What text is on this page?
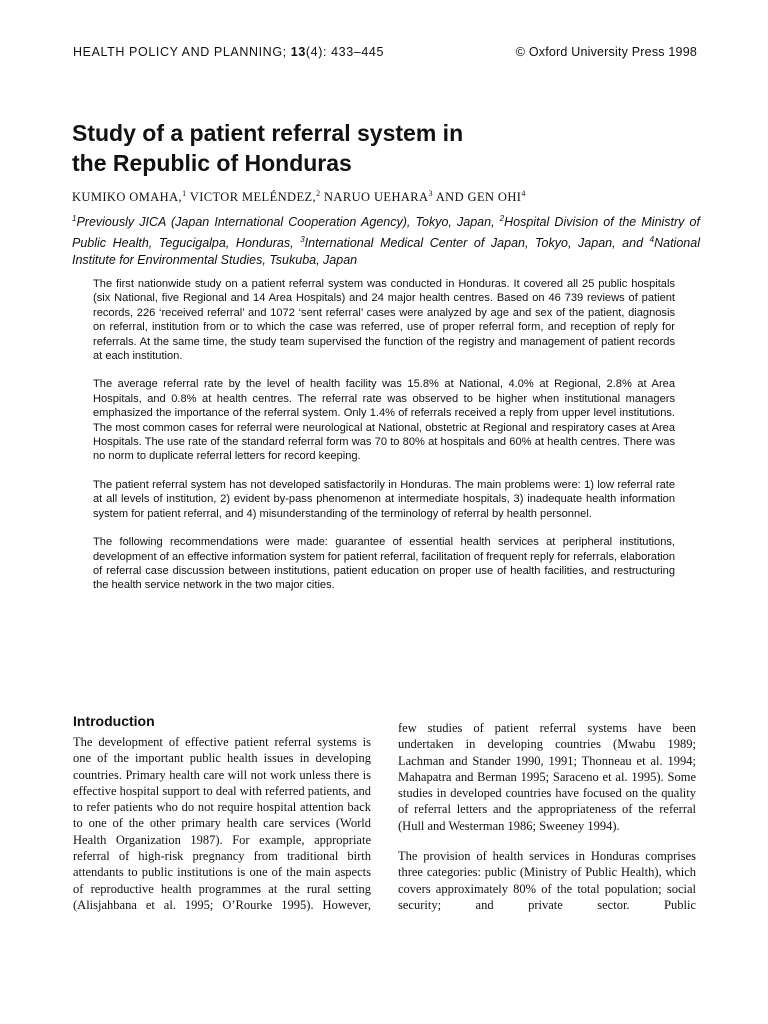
HEALTH POLICY AND PLANNING; 13(4): 433–445	© Oxford University Press 1998
Study of a patient referral system in
the Republic of Honduras
KUMIKO OMAHA,$^1$ VICTOR MELÉNDEZ,$^2$ NARUO UEHARA$^3$ AND GEN OHI$^4$
$^1$Previously JICA (Japan International Cooperation Agency), Tokyo, Japan, $^2$Hospital Division of the Ministry of Public Health, Tegucigalpa, Honduras, $^3$International Medical Center of Japan, Tokyo, Japan, and $^4$National Institute for Environmental Studies, Tsukuba, Japan

The first nationwide study on a patient referral system was conducted in Honduras. It covered all 25 public hospitals (six National, five Regional and 14 Area Hospitals) and 24 major health centres. Based on 46 739 reviews of patient records, 226 ‘received referral’ and 1072 ‘sent referral’ cases were analyzed by age and sex of the patient, diagnosis on referral, institution from or to which the case was referred, use of proper referral form, and reception of reply for referrals. At the same time, the study team supervised the function of the registry and management of patient records at each institution.

The average referral rate by the level of health facility was 15.8% at National, 4.0% at Regional, 2.8% at Area Hospitals, and 0.8% at health centres. The referral rate was observed to be higher when institutional managers emphasized the importance of the referral system. Only 1.4% of referrals received a reply from upper level institutions. The most common cases for referral were neurological at National, obstetric at Regional and respiratory cases at Area Hospitals. The use rate of the standard referral form was 70 to 80% at hospitals and 60% at health centres. There was no norm to duplicate referral letters for record keeping.

The patient referral system has not developed satisfactorily in Honduras. The main problems were: 1) low referral rate at all levels of institution, 2) evident by-pass phenomenon at intermediate hospitals, 3) inadequate health information system for patient referral, and 4) misunderstanding of the terminology of referral by health personnel.

The following recommendations were made: guarantee of essential health services at peripheral institutions, development of an effective information system for patient referral, facilitation of frequent reply for referrals, elaboration of referral case discussion between institutions, patient education on proper use of health facilities, and restructuring the health service network in the two major cities.

Introduction

The development of effective patient referral systems is one of the important public health issues in developing countries. Primary health care will not work unless there is effective hospital support to deal with referred patients, and to refer patients who do not require hospital attention back to one of the other primary health care services (World Health Organization 1987). For example, appropriate referral of high-risk pregnancy from traditional birth attendants to public institutions is one of the main aspects of reproductive health programmes at the rural setting (Alisjahbana et al. 1995; O’Rourke 1995). However,

few studies of patient referral systems have been undertaken in developing countries (Mwabu 1989; Lachman and Stander 1990, 1991; Thonneau et al. 1994; Mahapatra and Berman 1995; Saraceno et al. 1995). Some studies in developed countries have focused on the quality of referral letters and the appropriateness of the referral (Hull and Westerman 1986; Sweeney 1994).

The provision of health services in Honduras comprises three categories: public (Ministry of Public Health), which covers approximately 80% of the total population; social security; and private sector. Public
